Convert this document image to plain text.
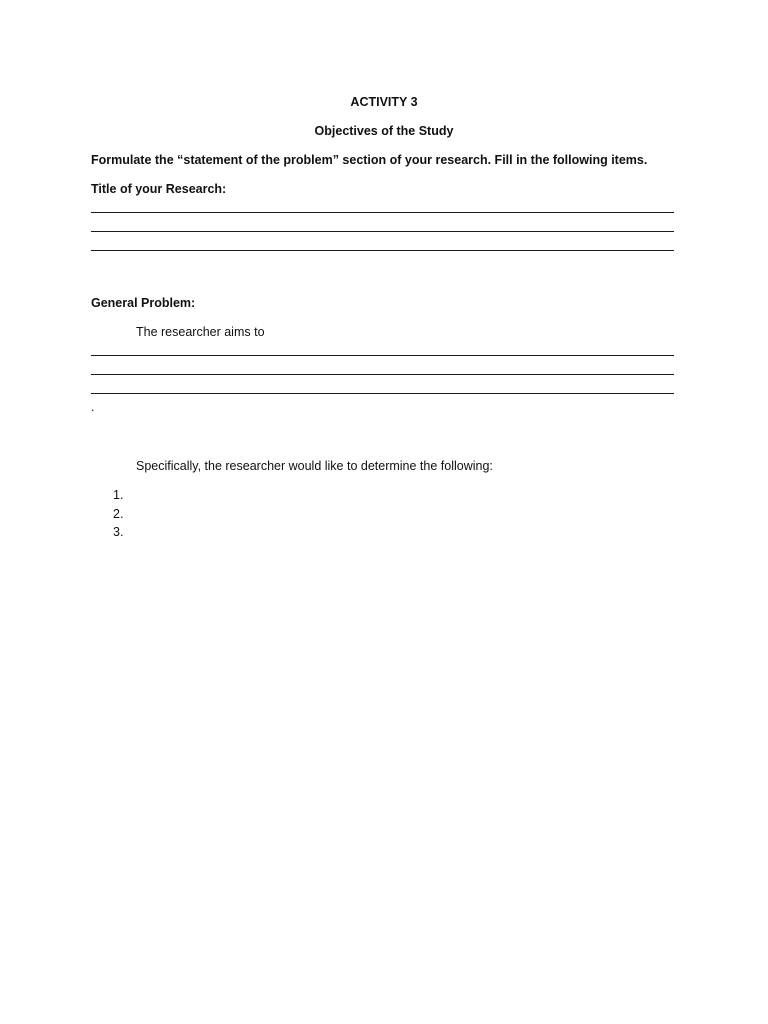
ACTIVITY 3
Objectives of the Study
Formulate the “statement of the problem” section of your research. Fill in the following items.
Title of your Research:
General Problem:
The researcher aims to
.
Specifically, the researcher would like to determine the following:
1.
2.
3.
